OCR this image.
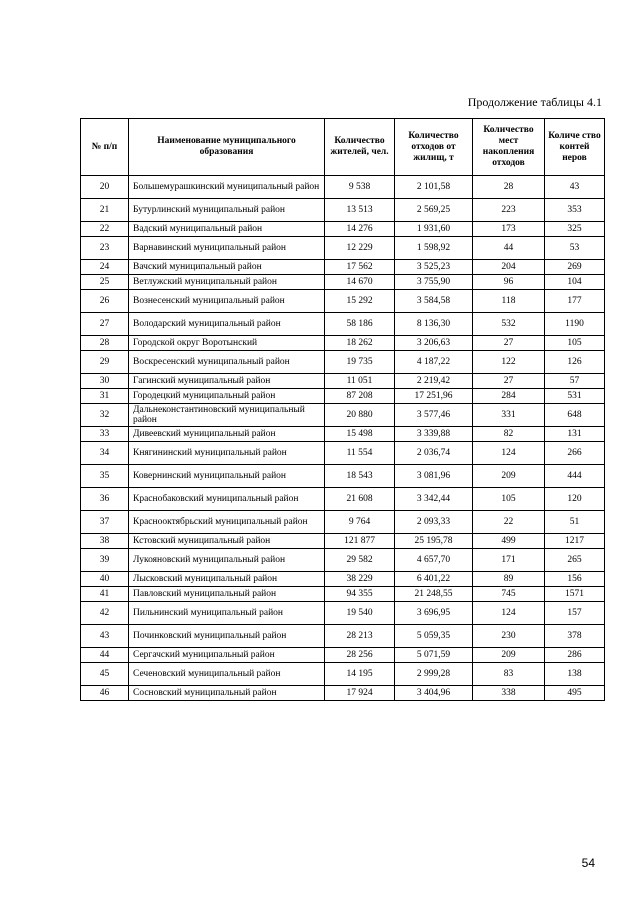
Продолжение таблицы 4.1
№ п/п	Наименование муниципального образования	Количество жителей, чел.	Количество отходов от жилищ, т	Количество мест накопления отходов	Количе ство контей неров
20	Большемурашкинский муниципальный район	9 538	2 101,58	28	43
21	Бутурлинский муниципальный район	13 513	2 569,25	223	353
22	Вадский муниципальный район	14 276	1 931,60	173	325
23	Варнавинский муниципальный район	12 229	1 598,92	44	53
24	Вачский муниципальный район	17 562	3 525,23	204	269
25	Ветлужский муниципальный район	14 670	3 755,90	96	104
26	Вознесенский муниципальный район	15 292	3 584,58	118	177
27	Володарский муниципальный район	58 186	8 136,30	532	1190
28	Городской округ Воротынский	18 262	3 206,63	27	105
29	Воскресенский муниципальный район	19 735	4 187,22	122	126
30	Гагинский муниципальный район	11 051	2 219,42	27	57
31	Городецкий муниципальный район	87 208	17 251,96	284	531
32	Дальнеконстантиновский муниципальный район	20 880	3 577,46	331	648
33	Дивеевский муниципальный район	15 498	3 339,88	82	131
34	Княгининский муниципальный район	11 554	2 036,74	124	266
35	Ковернинский муниципальный район	18 543	3 081,96	209	444
36	Краснобаковский муниципальный район	21 608	3 342,44	105	120
37	Краснооктябрьский муниципальный район	9 764	2 093,33	22	51
38	Кстовский муниципальный район	121 877	25 195,78	499	1217
39	Лукояновский муниципальный район	29 582	4 657,70	171	265
40	Лысковский муниципальный район	38 229	6 401,22	89	156
41	Павловский муниципальный район	94 355	21 248,55	745	1571
42	Пильнинский муниципальный район	19 540	3 696,95	124	157
43	Починковский муниципальный район	28 213	5 059,35	230	378
44	Сергачский муниципальный район	28 256	5 071,59	209	286
45	Сеченовский муниципальный район	14 195	2 999,28	83	138
46	Сосновский муниципальный район	17 924	3 404,96	338	495
54
